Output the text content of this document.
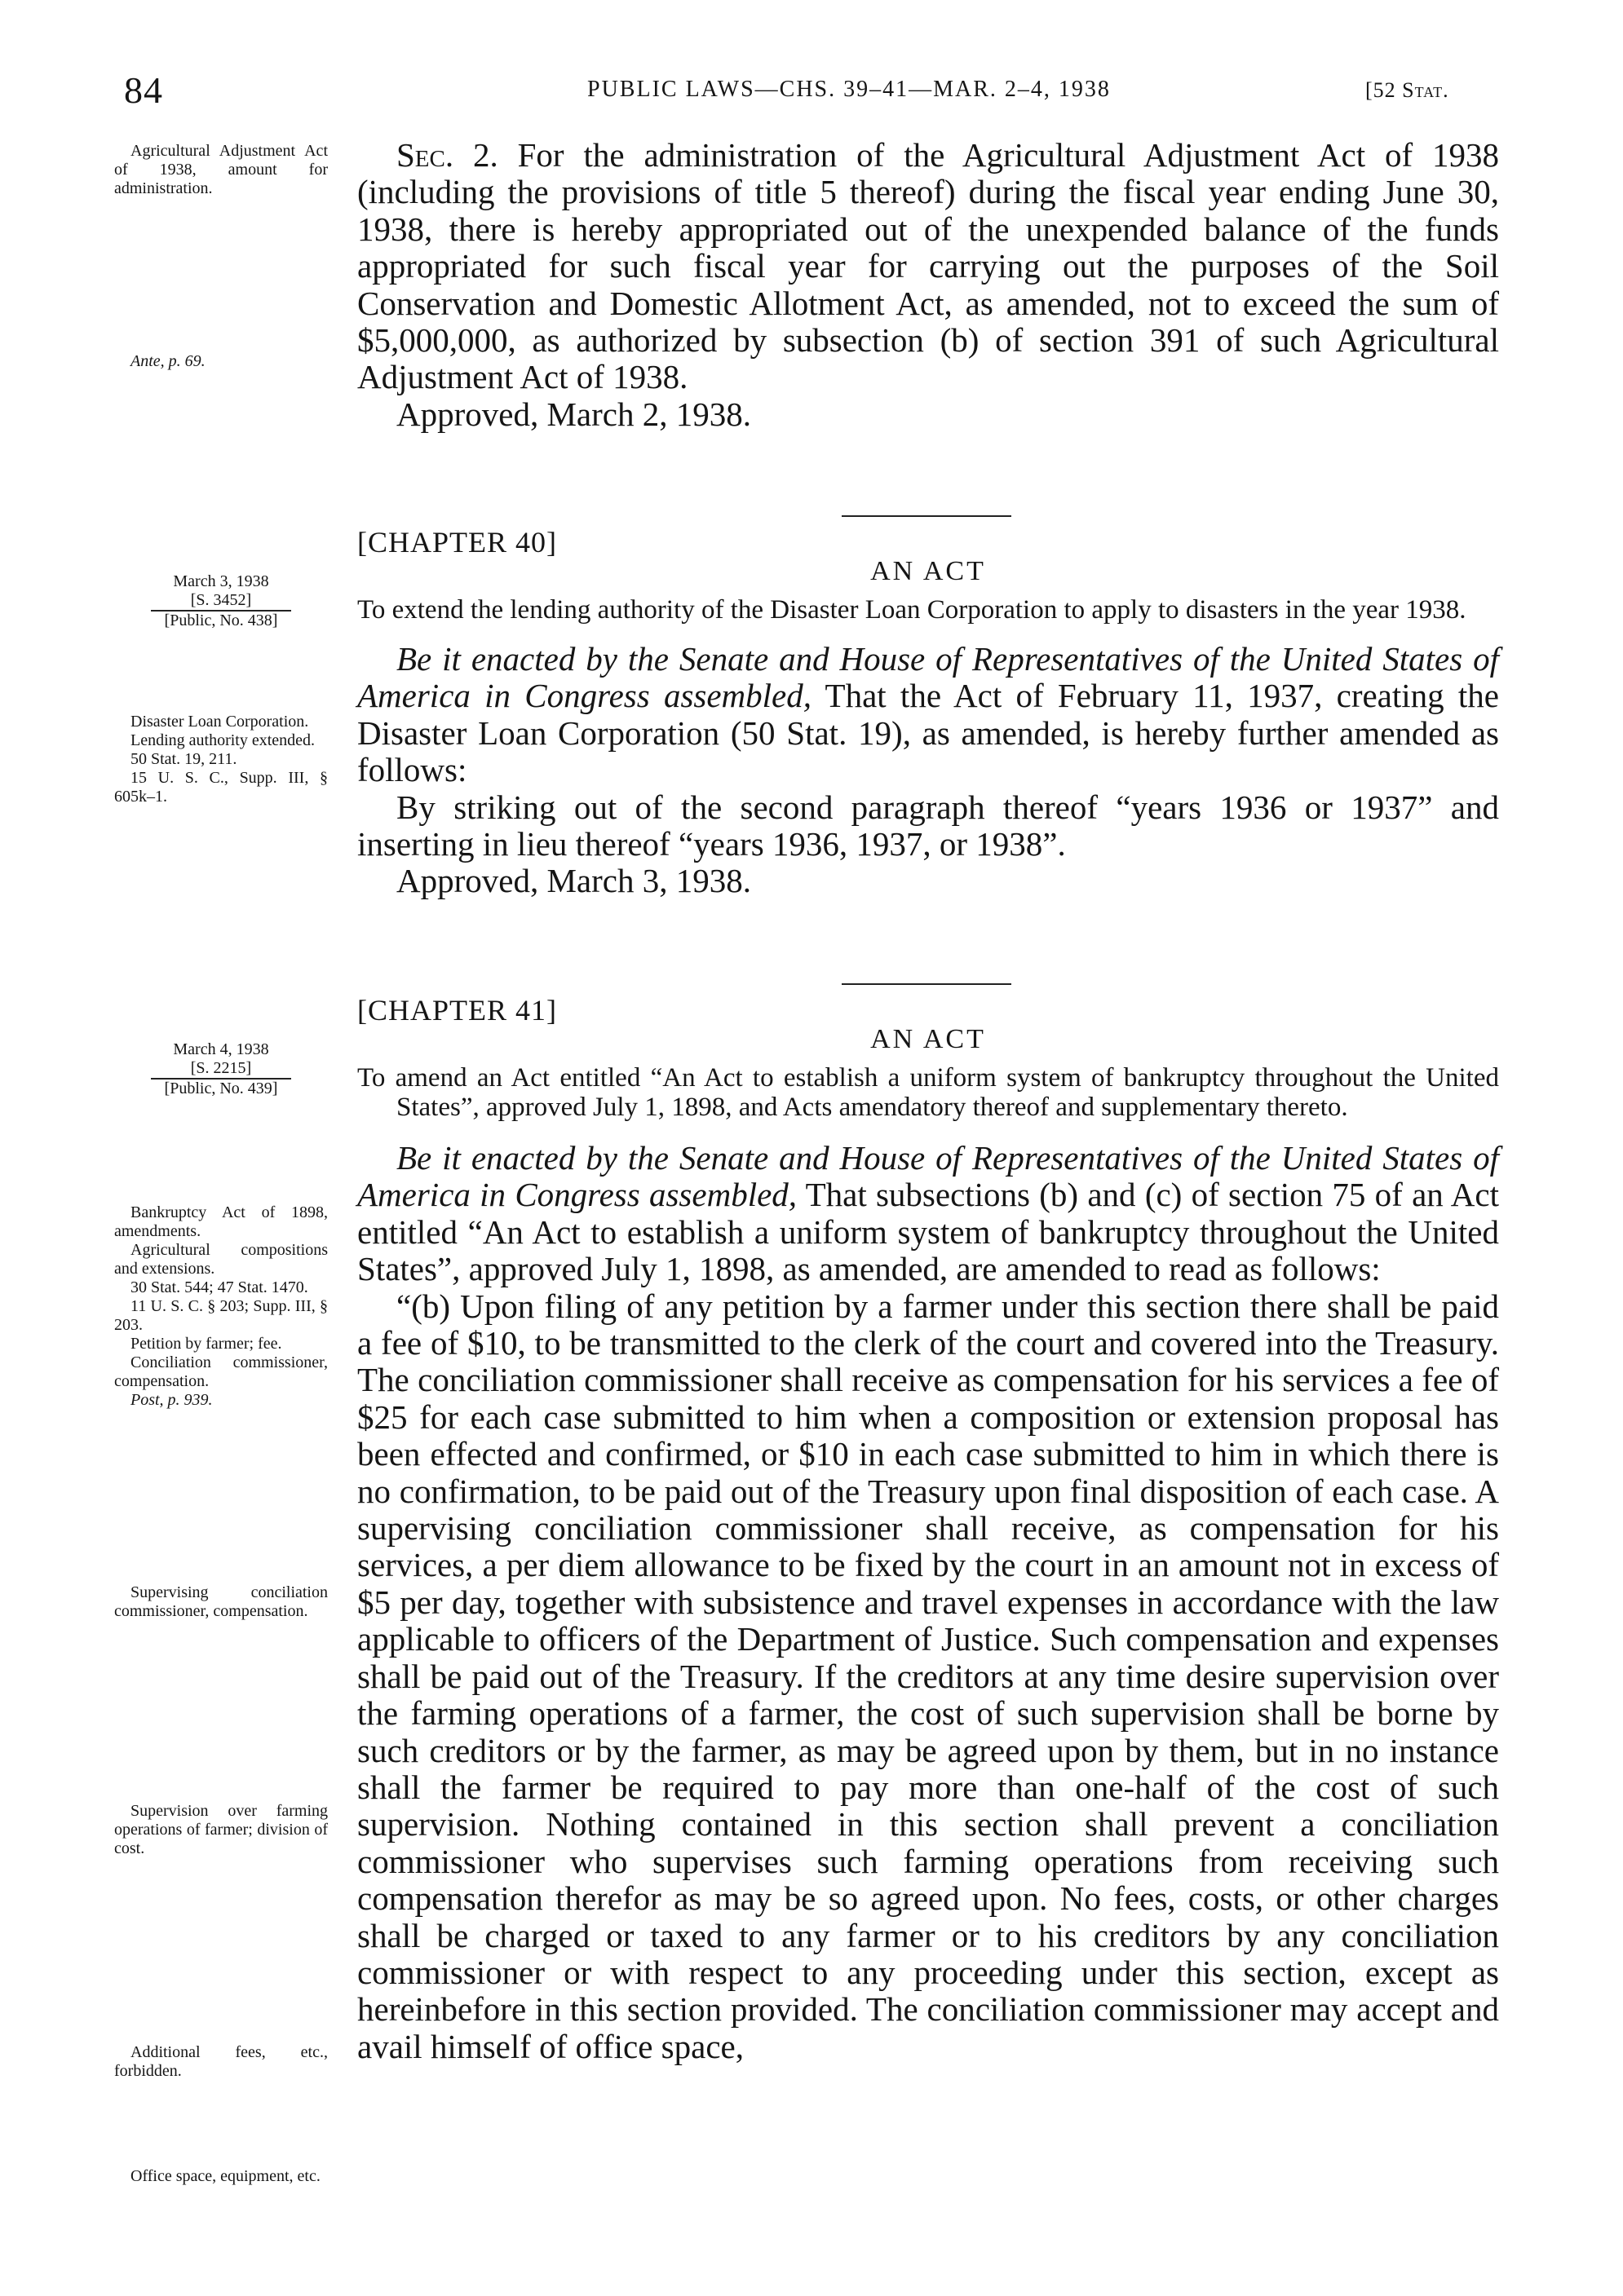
84	PUBLIC LAWS—CHS. 39–41—MAR. 2–4, 1938	[52 Stat.

Agricultural Adjustment Act of 1938, amount for administration.

Ante, p. 69.

March 3, 1938

[S. 3452]

[Public, No. 438]

Disaster Loan Corporation.

Lending authority extended.

50 Stat. 19, 211.

15 U. S. C., Supp. III, § 605k–1.

March 4, 1938

[S. 2215]

[Public, No. 439]

Bankruptcy Act of 1898, amendments.

Agricultural compositions and extensions.

30 Stat. 544; 47 Stat. 1470.

11 U. S. C. § 203; Supp. III, § 203.

Petition by farmer; fee.

Conciliation commissioner, compensation.

Post, p. 939.

Supervising conciliation commissioner, compensation.

Supervision over farming operations of farmer; division of cost.

Additional fees, etc., forbidden.

Office space, equipment, etc.

Sec. 2. For the administration of the Agricultural Adjustment Act of 1938 (including the provisions of title 5 thereof) during the fiscal year ending June 30, 1938, there is hereby appropriated out of the unexpended balance of the funds appropriated for such fiscal year for carrying out the purposes of the Soil Conservation and Domestic Allotment Act, as amended, not to exceed the sum of $5,000,000, as authorized by subsection (b) of section 391 of such Agricultural Adjustment Act of 1938.

Approved, March 2, 1938.

[CHAPTER 40]
AN ACT

To extend the lending authority of the Disaster Loan Corporation to apply to disasters in the year 1938.

Be it enacted by the Senate and House of Representatives of the United States of America in Congress assembled, That the Act of February 11, 1937, creating the Disaster Loan Corporation (50 Stat. 19), as amended, is hereby further amended as follows:

By striking out of the second paragraph thereof “years 1936 or 1937” and inserting in lieu thereof “years 1936, 1937, or 1938”.

Approved, March 3, 1938.

[CHAPTER 41]
AN ACT

To amend an Act entitled “An Act to establish a uniform system of bankruptcy throughout the United States”, approved July 1, 1898, and Acts amendatory thereof and supplementary thereto.

Be it enacted by the Senate and House of Representatives of the United States of America in Congress assembled, That subsections (b) and (c) of section 75 of an Act entitled “An Act to establish a uniform system of bankruptcy throughout the United States”, approved July 1, 1898, as amended, are amended to read as follows:

“(b) Upon filing of any petition by a farmer under this section there shall be paid a fee of $10, to be transmitted to the clerk of the court and covered into the Treasury. The conciliation commissioner shall receive as compensation for his services a fee of $25 for each case submitted to him when a composition or extension proposal has been effected and confirmed, or $10 in each case submitted to him in which there is no confirmation, to be paid out of the Treasury upon final disposition of each case. A supervising conciliation commissioner shall receive, as compensation for his services, a per diem allowance to be fixed by the court in an amount not in excess of $5 per day, together with subsistence and travel expenses in accordance with the law applicable to officers of the Department of Justice. Such compensation and expenses shall be paid out of the Treasury. If the creditors at any time desire supervision over the farming operations of a farmer, the cost of such supervision shall be borne by such creditors or by the farmer, as may be agreed upon by them, but in no instance shall the farmer be required to pay more than one-half of the cost of such supervision. Nothing contained in this section shall prevent a conciliation commissioner who supervises such farming operations from receiving such compensation therefor as may be so agreed upon. No fees, costs, or other charges shall be charged or taxed to any farmer or to his creditors by any conciliation commissioner or with respect to any proceeding under this section, except as hereinbefore in this section provided. The conciliation commissioner may accept and avail himself of office space,
